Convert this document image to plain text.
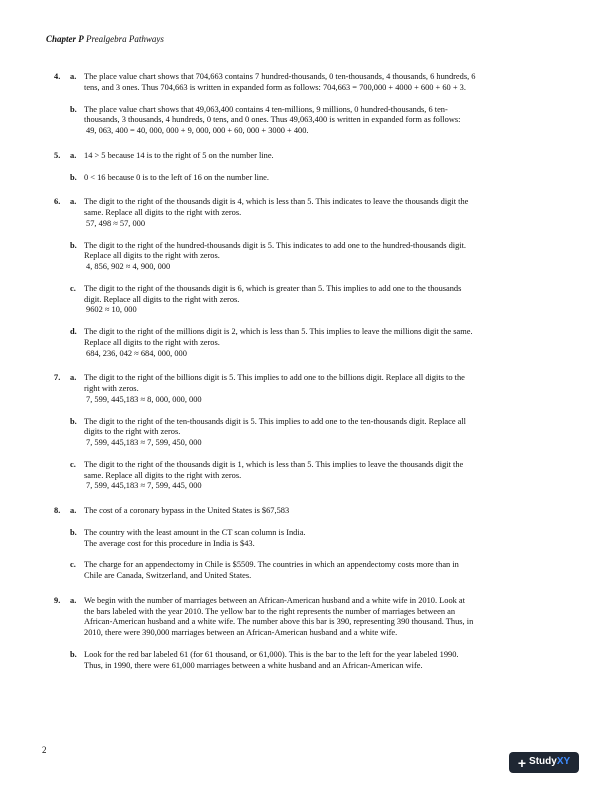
Chapter P Prealgebra Pathways
4.	a. The place value chart shows that 704,663 contains 7 hundred-thousands, 0 ten-thousands, 4 thousands, 6 hundreds, 6
tens, and 3 ones. Thus 704,663 is written in expanded form as follows: 704,663 = 700,000 + 4000 + 600 + 60 + 3.
b. The place value chart shows that 49,063,400 contains 4 ten-millions, 9 millions, 0 hundred-thousands, 6 ten-
thousands, 3 thousands, 4 hundreds, 0 tens, and 0 ones. Thus 49,063,400 is written in expanded form as follows:
49, 063, 400 = 40, 000, 000 + 9, 000, 000 + 60, 000 + 3000 + 400.
5.	a. 14 > 5 because 14 is to the right of 5 on the number line.
b. 0 < 16 because 0 is to the left of 16 on the number line.
6.	a. The digit to the right of the thousands digit is 4, which is less than 5. This indicates to leave the thousands digit the
same. Replace all digits to the right with zeros.
57, 498 ≈ 57, 000
b. The digit to the right of the hundred-thousands digit is 5. This indicates to add one to the hundred-thousands digit.
Replace all digits to the right with zeros.
4, 856, 902 ≈ 4, 900, 000
c. The digit to the right of the thousands digit is 6, which is greater than 5. This implies to add one to the thousands
digit. Replace all digits to the right with zeros.
9602 ≈ 10, 000
d. The digit to the right of the millions digit is 2, which is less than 5. This implies to leave the millions digit the same.
Replace all digits to the right with zeros.
684, 236, 042 ≈ 684, 000, 000
7.	a. The digit to the right of the billions digit is 5. This implies to add one to the billions digit. Replace all digits to the
right with zeros.
7, 599, 445,183 ≈ 8, 000, 000, 000
b. The digit to the right of the ten-thousands digit is 5. This implies to add one to the ten-thousands digit. Replace all
digits to the right with zeros.
7, 599, 445,183 ≈ 7, 599, 450, 000
c. The digit to the right of the thousands digit is 1, which is less than 5. This implies to leave the thousands digit the
same. Replace all digits to the right with zeros.
7, 599, 445,183 ≈ 7, 599, 445, 000
8.	a. The cost of a coronary bypass in the United States is $67,583
b. The country with the least amount in the CT scan column is India.
The average cost for this procedure in India is $43.
c. The charge for an appendectomy in Chile is $5509. The countries in which an appendectomy costs more than in
Chile are Canada, Switzerland, and United States.
9.	a. We begin with the number of marriages between an African-American husband and a white wife in 2010. Look at
the bars labeled with the year 2010. The yellow bar to the right represents the number of marriages between an
African-American husband and a white wife. The number above this bar is 390, representing 390 thousand. Thus, in
2010, there were 390,000 marriages between an African-American husband and a white wife.
b. Look for the red bar labeled 61 (for 61 thousand, or 61,000). This is the bar to the left for the year labeled 1990.
Thus, in 1990, there were 61,000 marriages between a white husband and an African-American wife.
2
+ Study XY
